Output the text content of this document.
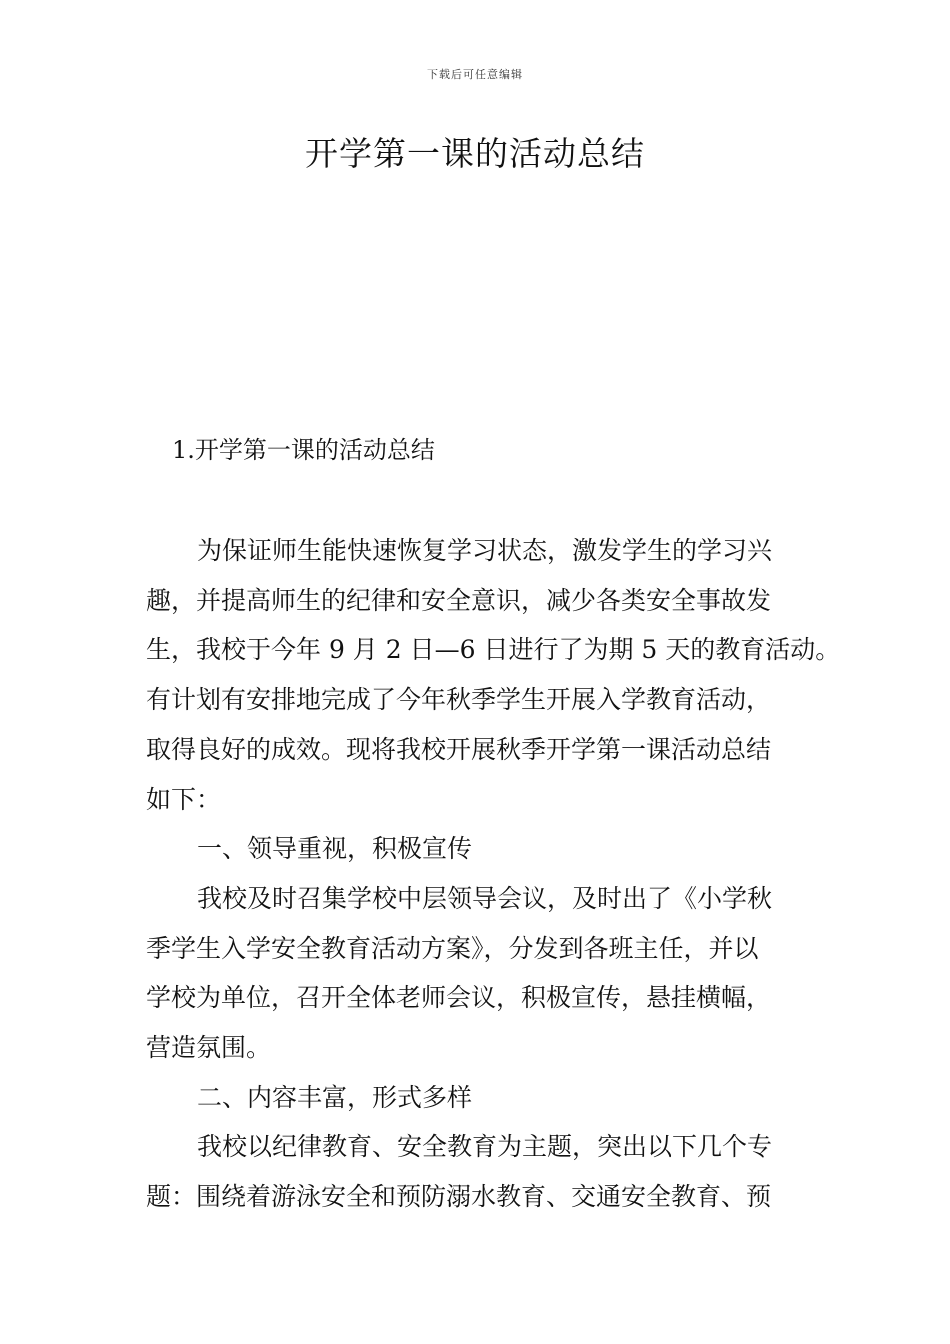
下载后可任意编辑
开学第一课的活动总结
1.开学第一课的活动总结
为保证师生能快速恢复学习状态，激发学生的学习兴
趣，并提高师生的纪律和安全意识，减少各类安全事故发
生，我校于今年 9 月 2 日—6 日进行了为期 5 天的教育活动。
有计划有安排地完成了今年秋季学生开展入学教育活动，
取得良好的成效。现将我校开展秋季开学第一课活动总结
如下：
一、领导重视，积极宣传
我校及时召集学校中层领导会议，及时出了《小学秋
季学生入学安全教育活动方案》，分发到各班主任，并以
学校为单位，召开全体老师会议，积极宣传，悬挂横幅，
营造氛围。
二、内容丰富，形式多样
我校以纪律教育、安全教育为主题，突出以下几个专
题：围绕着游泳安全和预防溺水教育、交通安全教育、预
